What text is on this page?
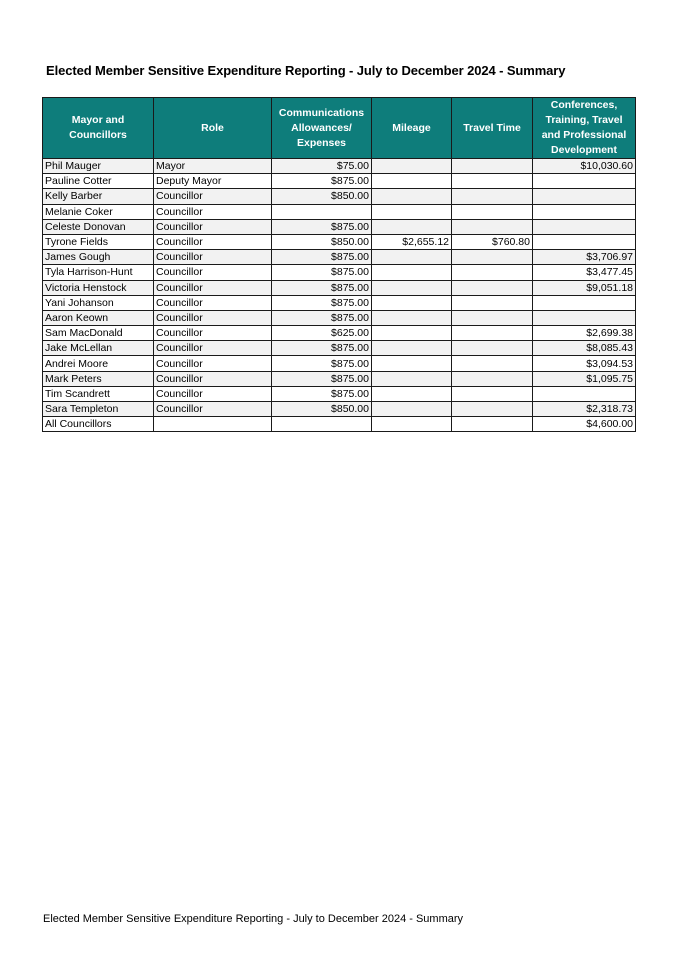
Elected Member Sensitive Expenditure Reporting - July to December 2024 - Summary
Mayor and Councillors	Role	Communications Allowances/ Expenses	Mileage	Travel Time	Conferences, Training, Travel and Professional Development
Phil Mauger	Mayor	$75.00			$10,030.60
Pauline Cotter	Deputy Mayor	$875.00			
Kelly Barber	Councillor	$850.00			
Melanie Coker	Councillor				
Celeste Donovan	Councillor	$875.00			
Tyrone Fields	Councillor	$850.00	$2,655.12	$760.80	
James Gough	Councillor	$875.00			$3,706.97
Tyla Harrison-Hunt	Councillor	$875.00			$3,477.45
Victoria Henstock	Councillor	$875.00			$9,051.18
Yani Johanson	Councillor	$875.00			
Aaron Keown	Councillor	$875.00			
Sam MacDonald	Councillor	$625.00			$2,699.38
Jake McLellan	Councillor	$875.00			$8,085.43
Andrei Moore	Councillor	$875.00			$3,094.53
Mark Peters	Councillor	$875.00			$1,095.75
Tim Scandrett	Councillor	$875.00			
Sara Templeton	Councillor	$850.00			$2,318.73
All Councillors					$4,600.00
Elected Member Sensitive Expenditure Reporting - July to December 2024 - Summary
